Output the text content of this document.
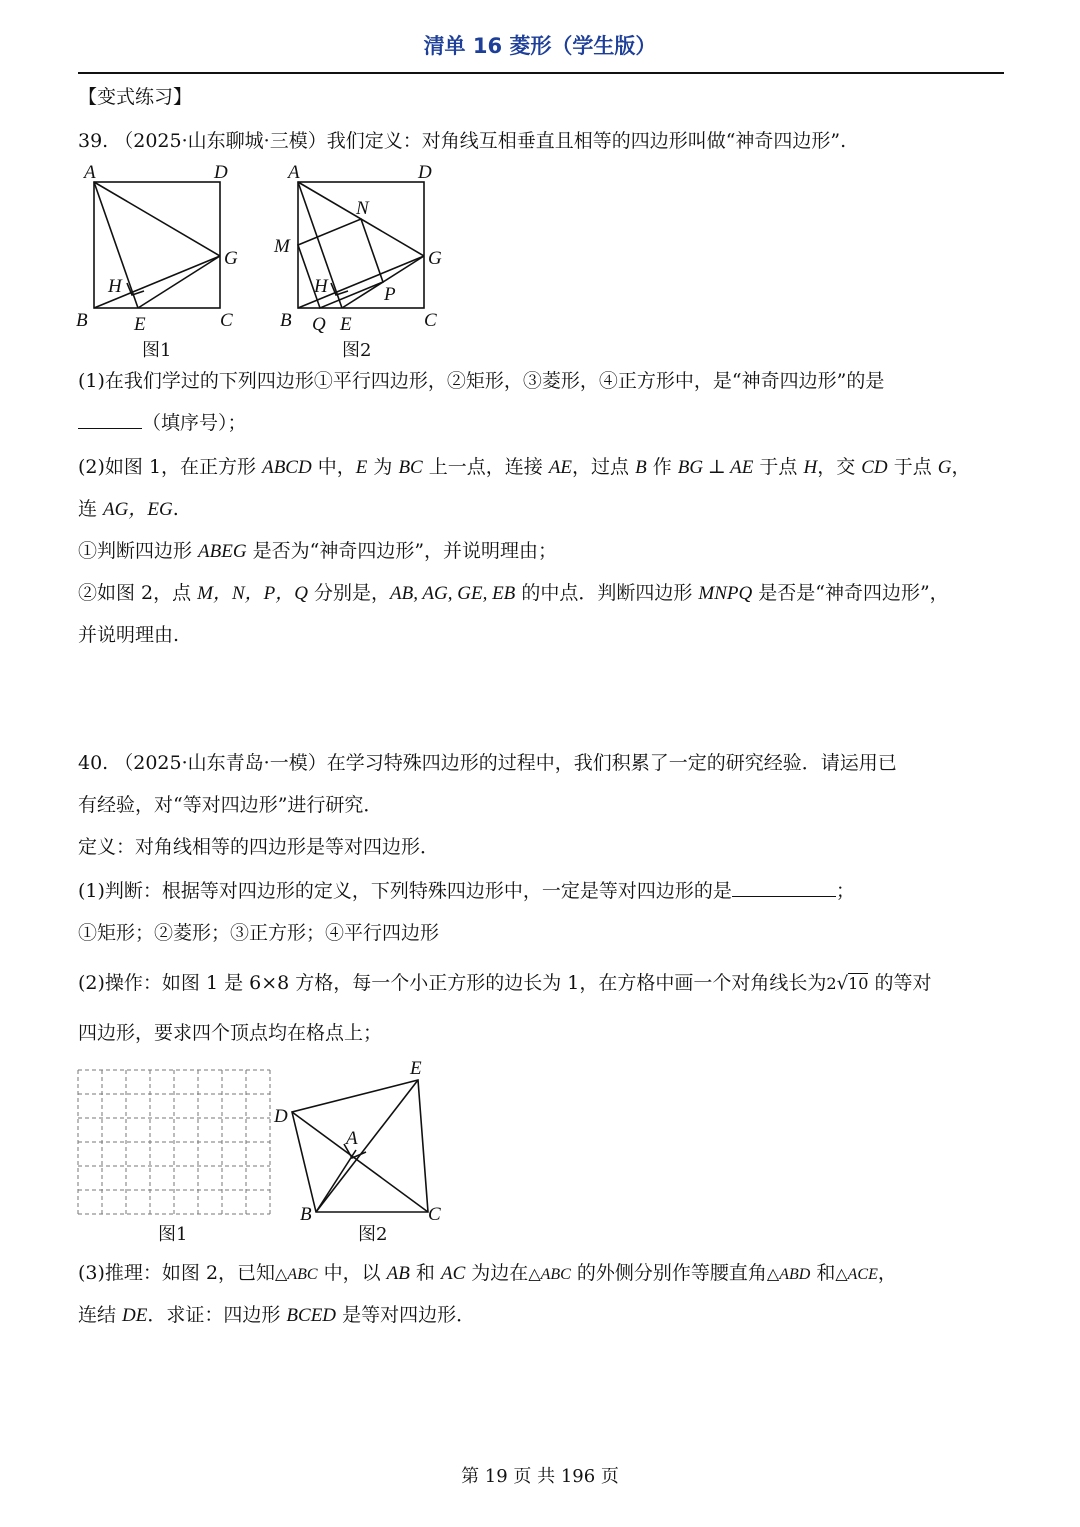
清单 16 菱形（学生版）
【变式练习】
39. （2025·山东聊城·三模）我们定义：对角线互相垂直且相等的四边形叫做“神奇四边形”.
A	D
G
H
B E	C
图1
A	D
N
M
G
H	P
B Q E	C
图2
(1)在我们学过的下列四边形①平行四边形，②矩形，③菱形，④正方形中，是“神奇四边形”的是
（填序号）；
(2)如图 1，在正方形 ABCD 中，E 为 BC 上一点，连接 AE，过点 B 作 BG ⊥ AE 于点 H，交 CD 于点 G，
连 AG，EG.
①判断四边形 ABEG 是否为“神奇四边形”，并说明理由；
②如图 2，点 M，N，P，Q 分别是，AB, AG, GE, EB 的中点．判断四边形 MNPQ 是否是“神奇四边形”，
并说明理由.
40. （2025·山东青岛·一模）在学习特殊四边形的过程中，我们积累了一定的研究经验．请运用已
有经验，对“等对四边形”进行研究．
定义：对角线相等的四边形是等对四边形．
(1)判断：根据等对四边形的定义，下列特殊四边形中，一定是等对四边形的是	；
①矩形；②菱形；③正方形；④平行四边形
(2)操作：如图 1 是 6×8 方格，每一个小正方形的边长为 1，在方格中画一个对角线长为2√10 的等对
四边形，要求四个顶点均在格点上；
图1
E
D
A
B	C
图2
(3)推理：如图 2，已知△ABC 中，以 AB 和 AC 为边在△ABC 的外侧分别作等腰直角△ABD 和△ACE，
连结 DE．求证：四边形 BCED 是等对四边形．
第 19 页 共 196 页
